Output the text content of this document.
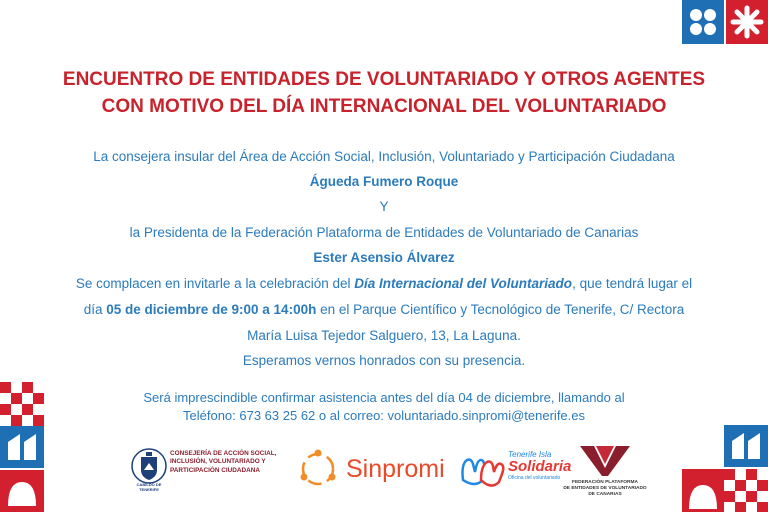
ENCUENTRO DE ENTIDADES DE VOLUNTARIADO Y OTROS AGENTES
CON MOTIVO DEL DÍA INTERNACIONAL DEL VOLUNTARIADO
La consejera insular del Área de Acción Social, Inclusión, Voluntariado y Participación Ciudadana
Águeda Fumero Roque
Y
la Presidenta de la Federación Plataforma de Entidades de Voluntariado de Canarias
Ester Asensio Álvarez
Se complacen en invitarle a la celebración del Día Internacional del Voluntariado, que tendrá lugar el
día 05 de diciembre de 9:00 a 14:00h en el Parque Científico y Tecnológico de Tenerife, C/ Rectora
María Luisa Tejedor Salguero, 13, La Laguna.
Esperamos vernos honrados con su presencia.
Será imprescindible confirmar asistencia antes del día 04 de diciembre, llamando al
Teléfono: 673 63 25 62 o al correo: voluntariado.sinpromi@tenerife.es
CABILDO DE TENERIFE
CONSEJERÍA DE ACCIÓN SOCIAL,
INCLUSIÓN, VOLUNTARIADO Y
PARTICIPACIÓN CIUDADANA	Sinpromi
Tenerife Isla
Solidaria
Oficina del voluntariado
FEDERACIÓN PLATAFORMA
DE ENTIDADES DE VOLUNTARIADO
DE CANARIAS
